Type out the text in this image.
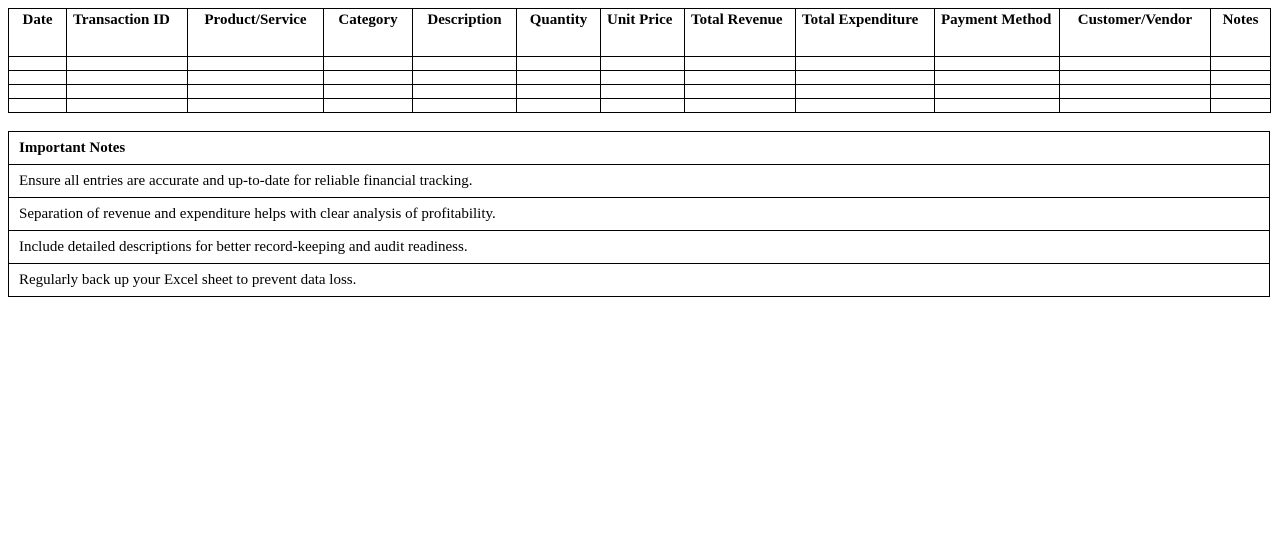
Date	Transaction ID	Product/Service	Category	Description	Quantity	Unit Price	Total Revenue	Total Expenditure	Payment Method	Customer/Vendor	Notes

Important Notes
Ensure all entries are accurate and up-to-date for reliable financial tracking.
Separation of revenue and expenditure helps with clear analysis of profitability.
Include detailed descriptions for better record-keeping and audit readiness.
Regularly back up your Excel sheet to prevent data loss.
